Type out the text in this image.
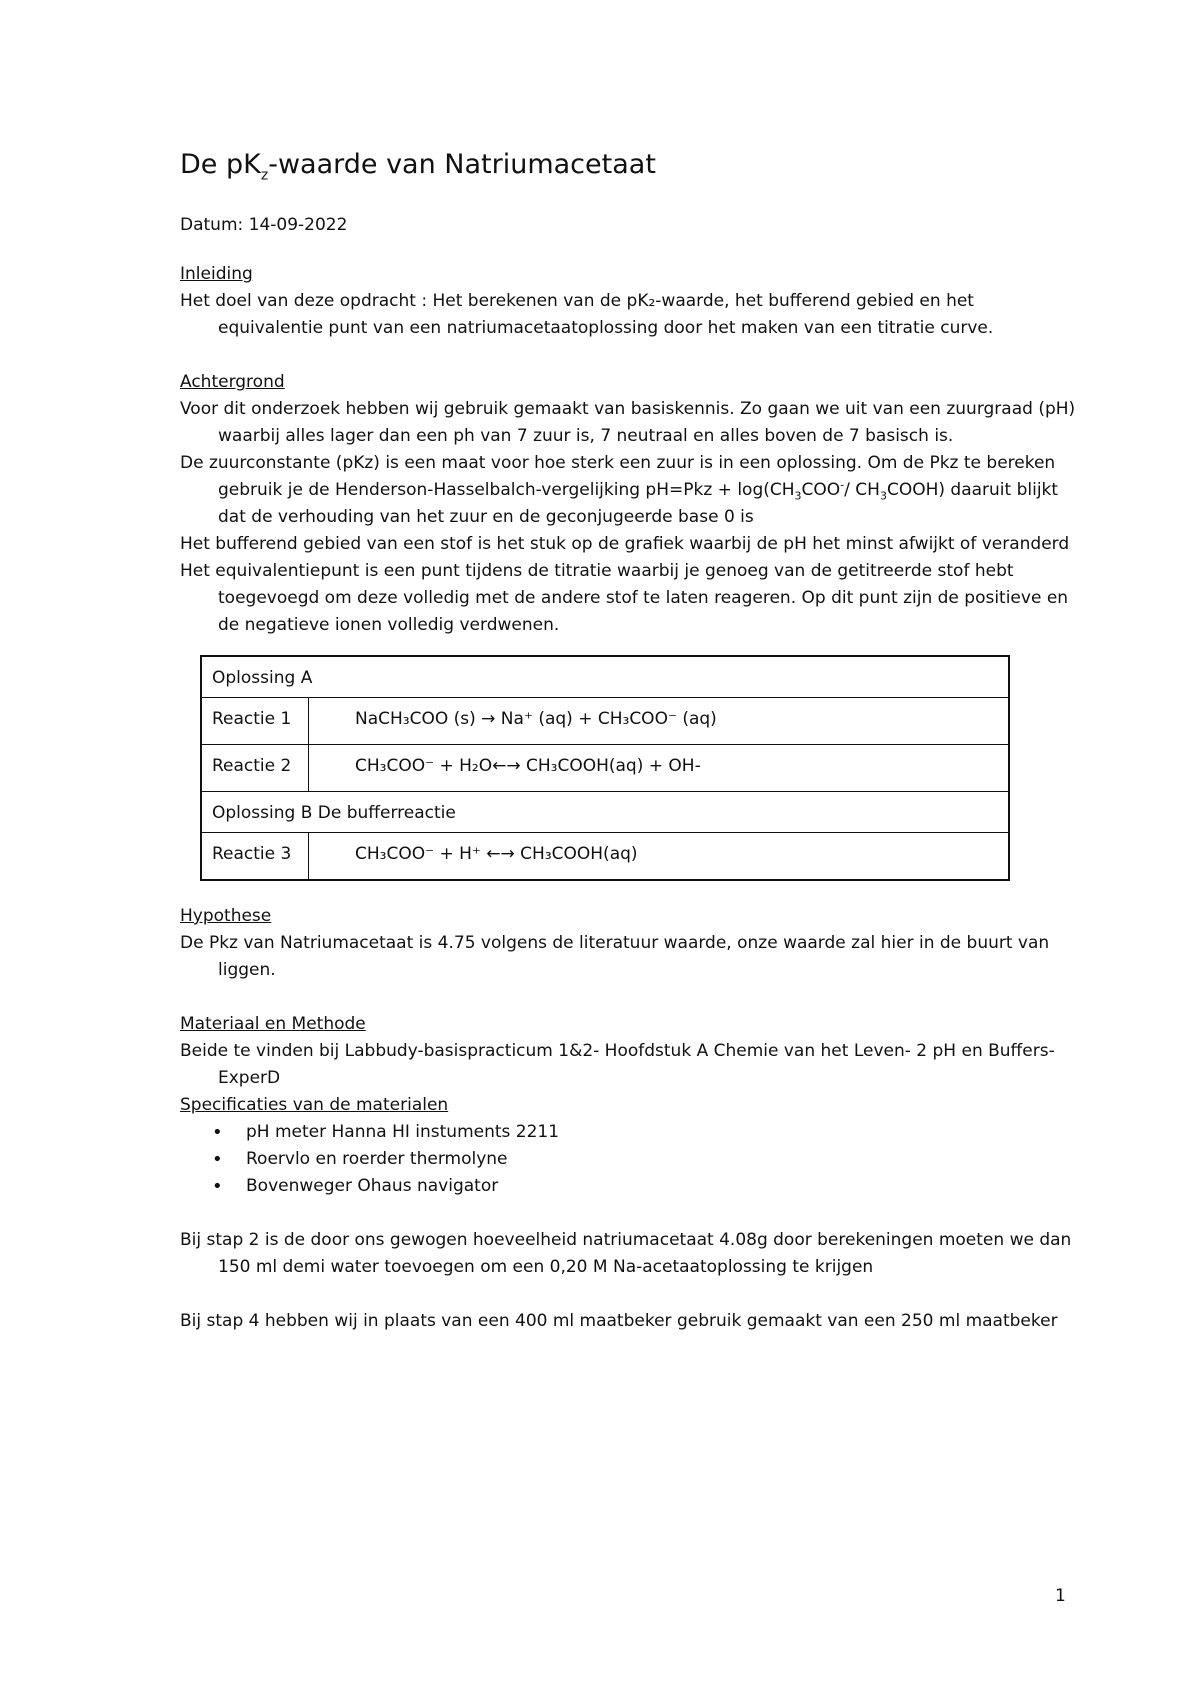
De $pK_z$-waarde van Natriumacetaat

Datum: 14-09-2022

Inleiding

Het doel van deze opdracht : Het berekenen van de pK₂-waarde, het bufferend gebied en het equivalentie punt van een natriumacetaatoplossing door het maken van een titratie curve.

Achtergrond

Voor dit onderzoek hebben wij gebruik gemaakt van basiskennis. Zo gaan we uit van een zuurgraad (pH) waarbij alles lager dan een ph van 7 zuur is, 7 neutraal en alles boven de 7 basisch is.

De zuurconstante (pKz) is een maat voor hoe sterk een zuur is in een oplossing. Om de Pkz te bereken gebruik je de Henderson-Hasselbalch-vergelijking $pH=Pkz + \log(CH_3COO^-/$ $CH_3COOH$) daaruit blijkt dat de verhouding van het zuur en de geconjugeerde base 0 is

Het bufferend gebied van een stof is het stuk op de grafiek waarbij de pH het minst afwijkt of veranderd

Het equivalentiepunt is een punt tijdens de titratie waarbij je genoeg van de getitreerde stof hebt toegevoegd om deze volledig met de andere stof te laten reageren. Op dit punt zijn de positieve en de negatieve ionen volledig verdwenen.

Oplossing A	
Reactie 1	NaCH₃COO (s) → Na⁺ (aq) + CH₃COO⁻ (aq)
Reactie 2	CH₃COO⁻ + H₂O←→ CH₃COOH(aq) + OH-
Oplossing B De bufferreactie	
Reactie 3	CH₃COO⁻ + H⁺ ←→ CH₃COOH(aq)

Hypothese

De Pkz van Natriumacetaat is 4.75 volgens de literatuur waarde, onze waarde zal hier in de buurt van liggen.

Materiaal en Methode

Beide te vinden bij Labbudy-basispracticum 1&2- Hoofdstuk A Chemie van het Leven- 2 pH en Buffers- ExperD

Specificaties van de materialen

• pH meter Hanna HI instuments 2211
• Roervlo en roerder thermolyne
• Bovenweger Ohaus navigator

Bij stap 2 is de door ons gewogen hoeveelheid natriumacetaat 4.08g door berekeningen moeten we dan 150 ml demi water toevoegen om een 0,20 M Na-acetaatoplossing te krijgen

Bij stap 4 hebben wij in plaats van een 400 ml maatbeker gebruik gemaakt van een 250 ml maatbeker

1
